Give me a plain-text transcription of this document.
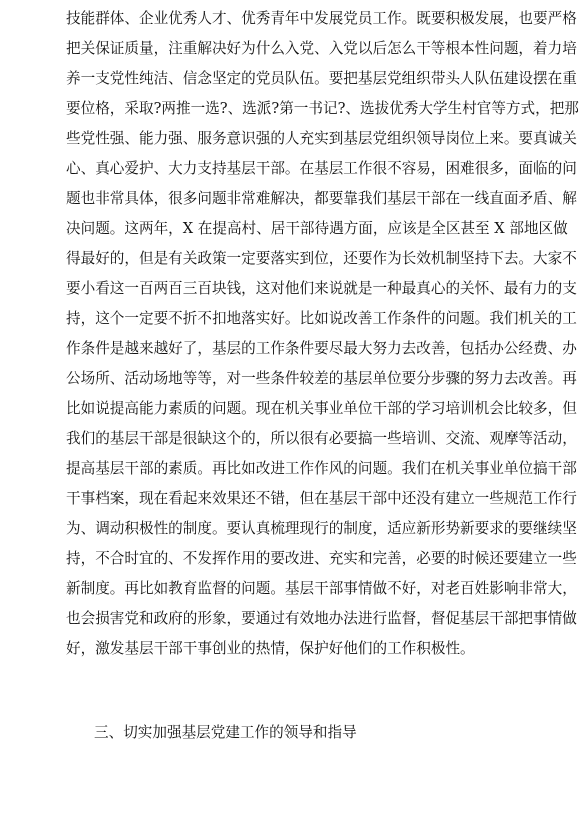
技能群体、企业优秀人才、优秀青年中发展党员工作。既要积极发展，也要严格
把关保证质量，注重解决好为什么入党、入党以后怎么干等根本性问题，着力培
养一支党性纯洁、信念坚定的党员队伍。要把基层党组织带头人队伍建设摆在重
要位格，采取?两推一选?、选派?第一书记?、选拔优秀大学生村官等方式，把那
些党性强、能力强、服务意识强的人充实到基层党组织领导岗位上来。要真诚关
心、真心爱护、大力支持基层干部。在基层工作很不容易，困难很多，面临的问
题也非常具体，很多问题非常难解决，都要靠我们基层干部在一线直面矛盾、解
决问题。这两年，X 在提高村、居干部待遇方面，应该是全区甚至 X 部地区做
得最好的，但是有关政策一定要落实到位，还要作为长效机制坚持下去。大家不
要小看这一百两百三百块钱，这对他们来说就是一种最真心的关怀、最有力的支
持，这个一定要不折不扣地落实好。比如说改善工作条件的问题。我们机关的工
作条件是越来越好了，基层的工作条件要尽最大努力去改善，包括办公经费、办
公场所、活动场地等等，对一些条件较差的基层单位要分步骤的努力去改善。再
比如说提高能力素质的问题。现在机关事业单位干部的学习培训机会比较多，但
我们的基层干部是很缺这个的，所以很有必要搞一些培训、交流、观摩等活动，
提高基层干部的素质。再比如改进工作作风的问题。我们在机关事业单位搞干部
干事档案，现在看起来效果还不错，但在基层干部中还没有建立一些规范工作行
为、调动积极性的制度。要认真梳理现行的制度，适应新形势新要求的要继续坚
持，不合时宜的、不发挥作用的要改进、充实和完善，必要的时候还要建立一些
新制度。再比如教育监督的问题。基层干部事情做不好，对老百姓影响非常大，
也会损害党和政府的形象，要通过有效地办法进行监督，督促基层干部把事情做
好，激发基层干部干事创业的热情，保护好他们的工作积极性。
三、切实加强基层党建工作的领导和指导
